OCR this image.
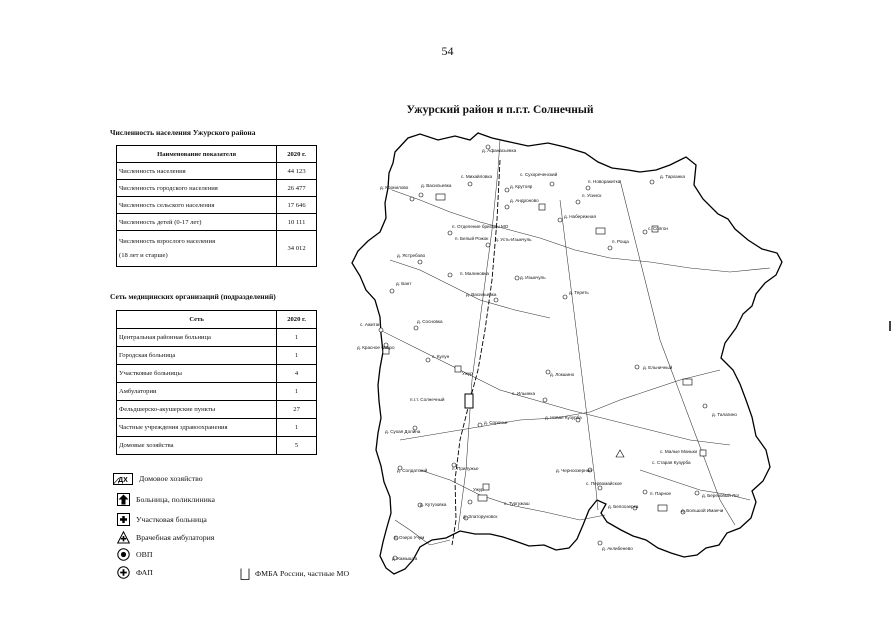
54
Ужурский район и п.г.т. Солнечный
Численность населения Ужурского района
Наименование показателя	2020 г.
Численность населения	44 123
Численность городского населения	26 477
Численность сельского населения	17 646
Численность детей (0-17 лет)	10 111
Численность взрослого населения

(18 лет и старше)	34 012
Сеть медицинских организаций (подразделений)
Сеть	2020 г.
Центральная районная больница	1
Городская больница	1
Участковые больницы	4
Амбулатории	1
Фельдшерско-акушерские пункты	27
Частные учреждения здравоохранения	1
Домовые хозяйства	5
ДХ Домовое хозяйство
Больница, поликлиника
Участковая больница
Врачебная амбулатория
ОВП
ФАП	ФМБА России, частные МО
д. Афанасьевка
с. Михайловка	с. Сухореченский
д. Корнилово	д. Васильевка	д. Крутояр
п. Новоракитка
д. Тарханка
п. Усинск
д. Андроново
д. Набережная
п. Отделение бригады МО	с. Солгон
п. Белый Рожок д. Усть-Изыкчуль
д. Ястребово
п. Роща
п. Малиновка
д. Изыкчуль
д. Бант
д. Васильевка	д. Тереть
с. Ажитан
д. Сосновка
д. Красное Озеро
с. Кулун
Ужур	д. Локшино
д. Ельничный
п.г.т. Солнечный
с. Ильинка
д. Талагино
д. Новая Кузурба
д. Сухая Долина
д. Сорочье
с. Малые Маньки
с. Старая Кузурба
д. Солдатский	п. Прилужье	д. Черноозерное
с. Первомайское
п. Парное	д. Березовый Лог
д. Кутузовка	с. Тургужаш
д. Белоозерка
д. Большой Иманчи
д. Златоруновск
п. Озеро Учум
д. Камышта
д. Аклибенево
Ужур
